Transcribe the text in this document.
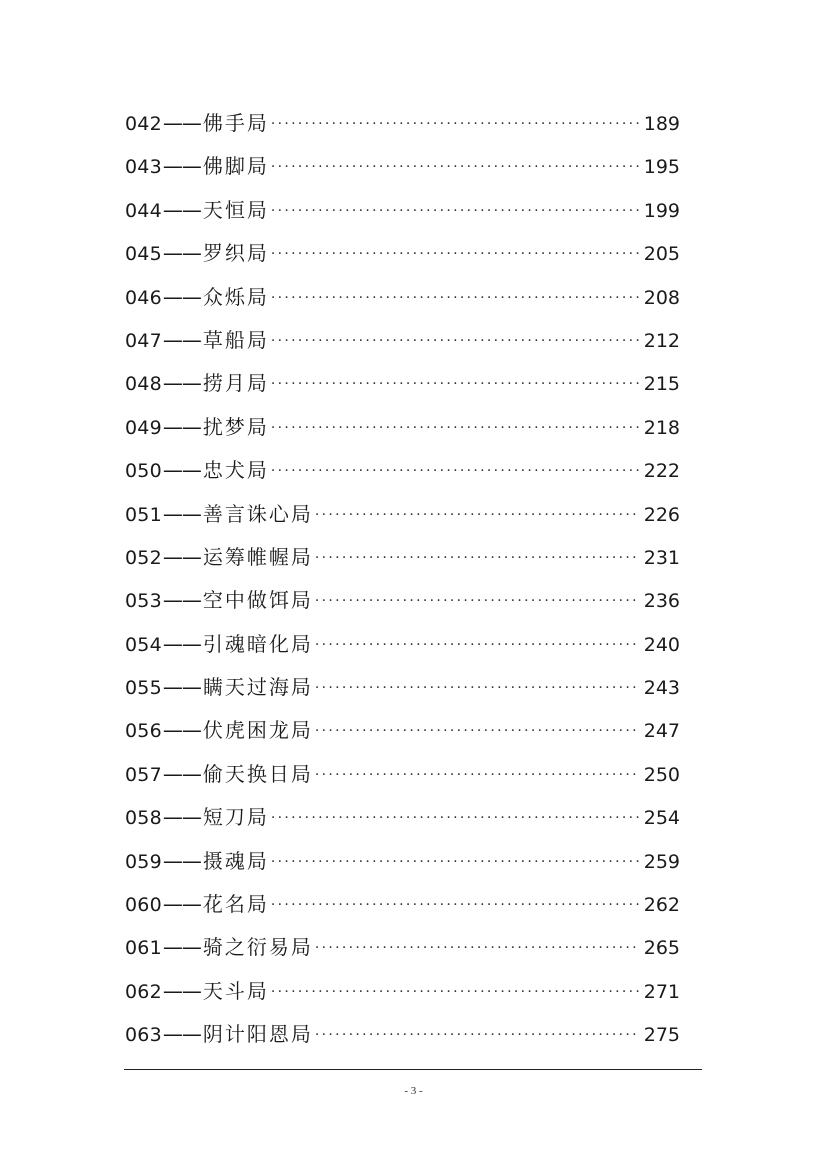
042 —— 佛手局 ·····	189
043 —— 佛脚局 ·····	195
044 —— 天恒局 ·····	199
045 —— 罗织局 ·····	205
046 —— 众烁局 ·····	208
047 —— 草船局 ·····	212
048 —— 捞月局 ·····	215
049 —— 扰梦局 ·····	218
050 —— 忠犬局 ·····	222
051 —— 善言诛心局 ·····	226
052 —— 运筹帷幄局 ·····	231
053 —— 空中做饵局 ·····	236
054 —— 引魂暗化局 ·····	240
055 —— 瞒天过海局 ·····	243
056 —— 伏虎困龙局 ·····	247
057 —— 偷天换日局 ·····	250
058 —— 短刀局 ·····	254
059 —— 摄魂局 ·····	259
060 —— 花名局 ·····	262
061 —— 骑之衍易局 ·····	265
062 —— 天斗局 ·····	271
063 —— 阴计阳恩局 ·····	275
- 3 -
